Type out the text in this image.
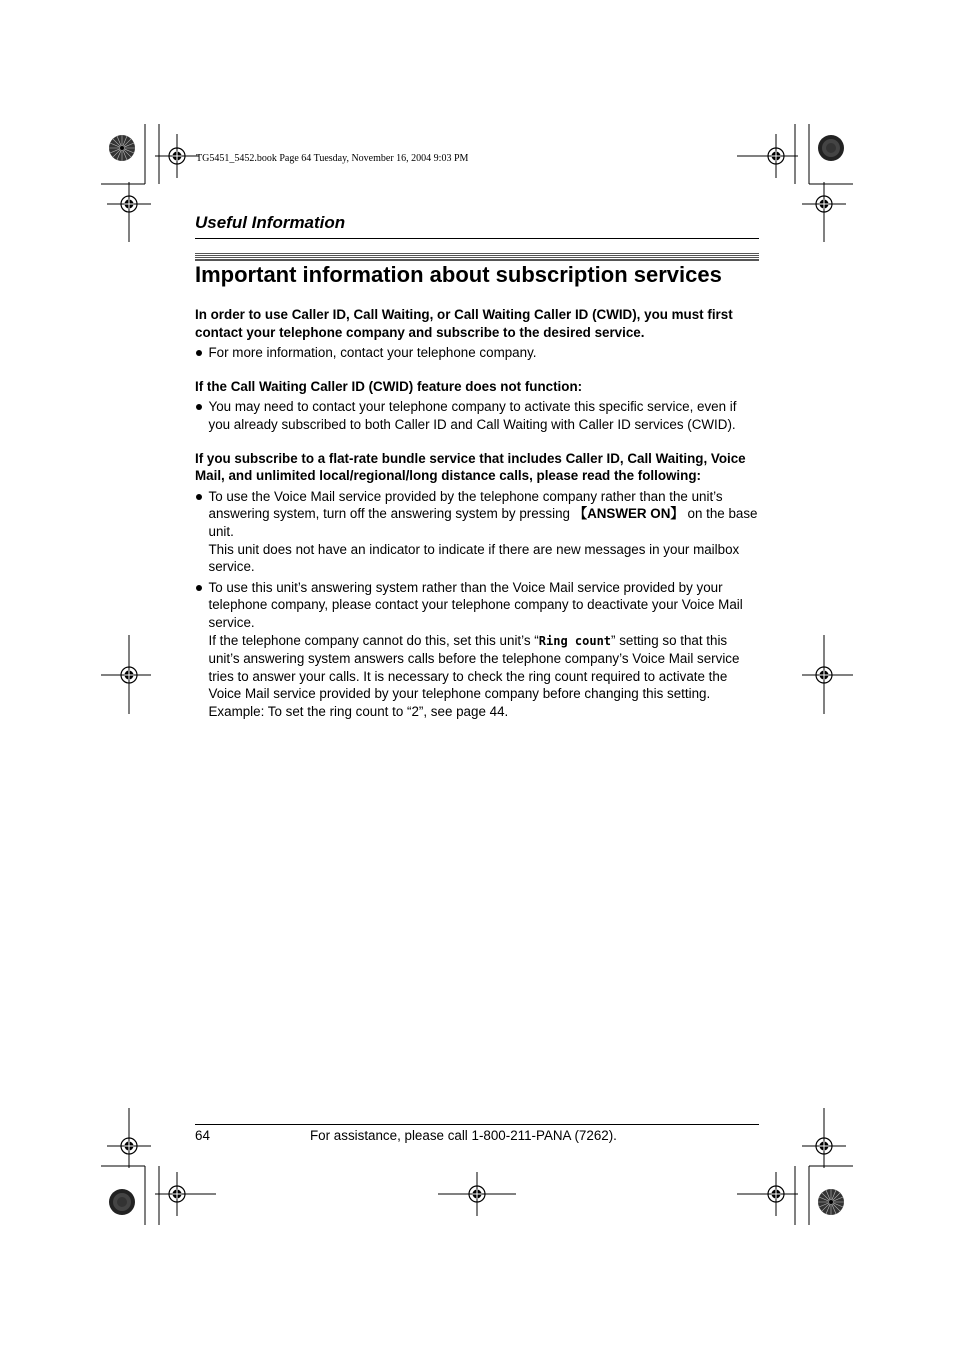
TG5451_5452.book Page 64 Tuesday, November 16, 2004 9:03 PM
Useful Information
Important information about subscription services

In order to use Caller ID, Call Waiting, or Call Waiting Caller ID (CWID), you must first contact your telephone company and subscribe to the desired service.

For more information, contact your telephone company.

If the Call Waiting Caller ID (CWID) feature does not function:

You may need to contact your telephone company to activate this specific service, even if you already subscribed to both Caller ID and Call Waiting with Caller ID services (CWID).

If you subscribe to a flat-rate bundle service that includes Caller ID, Call Waiting, Voice Mail, and unlimited local/regional/long distance calls, please read the following:

To use the Voice Mail service provided by the telephone company rather than the unit’s answering system, turn off the answering system by pressing 【ANSWER ON】 on the base unit.
This unit does not have an indicator to indicate if there are new messages in your mailbox service.
To use this unit’s answering system rather than the Voice Mail service provided by your telephone company, please contact your telephone company to deactivate your Voice Mail service.
If the telephone company cannot do this, set this unit’s “Ring count” setting so that this unit’s answering system answers calls before the telephone company’s Voice Mail service tries to answer your calls. It is necessary to check the ring count required to activate the Voice Mail service provided by your telephone company before changing this setting.
Example: To set the ring count to “2”, see page 44.
64	For assistance, please call 1-800-211-PANA (7262).
